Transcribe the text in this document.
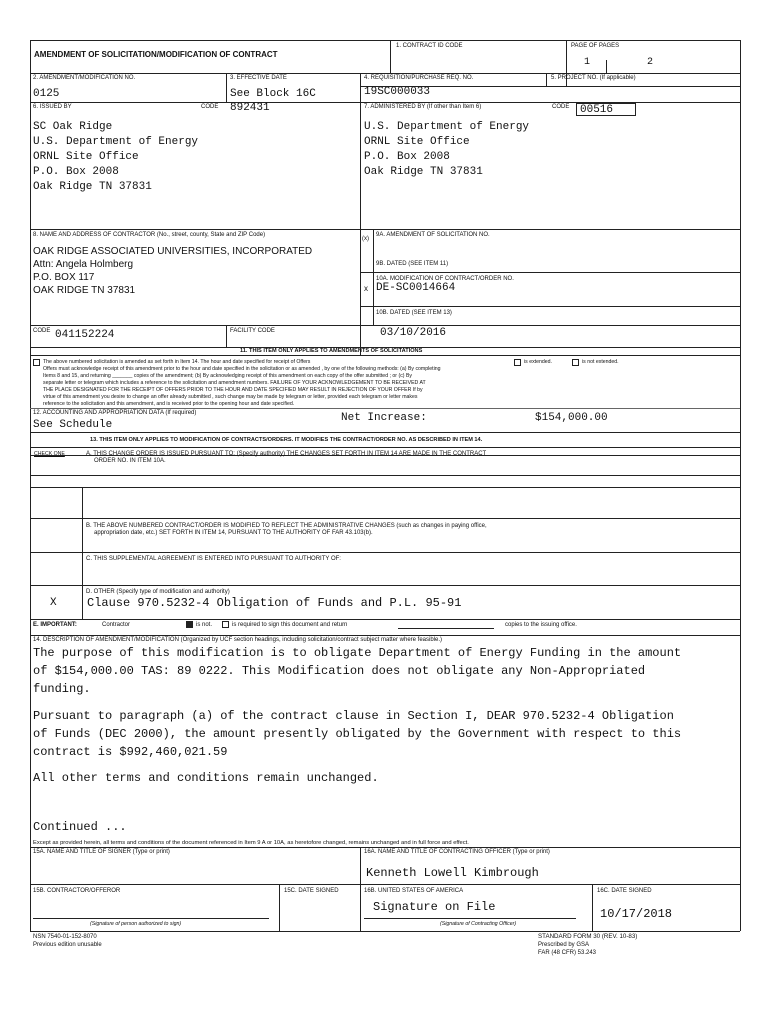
AMENDMENT OF SOLICITATION/MODIFICATION OF CONTRACT
1. CONTRACT ID CODE	PAGE OF PAGES
1	2
2. AMENDMENT/MODIFICATION NO.
0125
3. EFFECTIVE DATE
See Block 16C
4. REQUISITION/PURCHASE REQ. NO.
19SC000033
5. PROJECT NO. (If applicable)
6. ISSUED BY	CODE 892431
SC Oak Ridge
U.S. Department of Energy
ORNL Site Office
P.O. Box 2008
Oak Ridge TN 37831
7. ADMINISTERED BY (If other than Item 6)	CODE 00516
U.S. Department of Energy
ORNL Site Office
P.O. Box 2008
Oak Ridge TN 37831
8. NAME AND ADDRESS OF CONTRACTOR (No., street, county, State and ZIP Code)
OAK RIDGE ASSOCIATED UNIVERSITIES, INCORPORATED
Attn: Angela Holmberg
P.O. BOX 117
OAK RIDGE TN 37831
(x)
9A. AMENDMENT OF SOLICITATION NO.
9B. DATED (SEE ITEM 11)
x
10A. MODIFICATION OF CONTRACT/ORDER NO.
DE-SC0014664
10B. DATED (SEE ITEM 13)
03/10/2016
CODE 041152224	FACILITY CODE
11. THIS ITEM ONLY APPLIES TO AMENDMENTS OF SOLICITATIONS
The above numbered solicitation is amended as set forth in Item 14. The hour and date specified for receipt of Offers	is extended.	is not extended.
Offers must acknowledge receipt of this amendment prior to the hour and date specified in the solicitation or as amended , by one of the following methods: (a) By completing
Items 8 and 15, and returning _______ copies of the amendment; (b) By acknowledging receipt of this amendment on each copy of the offer submitted ; or (c) By
separate letter or telegram which includes a reference to the solicitation and amendment numbers. FAILURE OF YOUR ACKNOWLEDGEMENT TO BE RECEIVED AT
THE PLACE DESIGNATED FOR THE RECEIPT OF OFFERS PRIOR TO THE HOUR AND DATE SPECIFIED MAY RESULT IN REJECTION OF YOUR OFFER If by
virtue of this amendment you desire to change an offer already submitted , such change may be made by telegram or letter, provided each telegram or letter makes
reference to the solicitation and this amendment, and is received prior to the opening hour and date specified.
12. ACCOUNTING AND APPROPRIATION DATA (If required)
See Schedule
Net Increase:	$154,000.00
13. THIS ITEM ONLY APPLIES TO MODIFICATION OF CONTRACTS/ORDERS. IT MODIFIES THE CONTRACT/ORDER NO. AS DESCRIBED IN ITEM 14.
CHECK ONE	A. THIS CHANGE ORDER IS ISSUED PURSUANT TO: (Specify authority) THE CHANGES SET FORTH IN ITEM 14 ARE MADE IN THE CONTRACT
ORDER NO. IN ITEM 10A.
B. THE ABOVE NUMBERED CONTRACT/ORDER IS MODIFIED TO REFLECT THE ADMINISTRATIVE CHANGES (such as changes in paying office,
appropriation date, etc.) SET FORTH IN ITEM 14, PURSUANT TO THE AUTHORITY OF FAR 43.103(b).
C. THIS SUPPLEMENTAL AGREEMENT IS ENTERED INTO PURSUANT TO AUTHORITY OF:
D. OTHER (Specify type of modification and authority)
X	Clause 970.5232-4 Obligation of Funds and P.L. 95-91
E. IMPORTANT:	Contractor	is not.	is required to sign this document and return	copies to the issuing office.
14. DESCRIPTION OF AMENDMENT/MODIFICATION (Organized by UCF section headings, including solicitation/contract subject matter where feasible.)
The purpose of this modification is to obligate Department of Energy Funding in the amount
of $154,000.00 TAS: 89 0222. This Modification does not obligate any Non-Appropriated
funding.
Pursuant to paragraph (a) of the contract clause in Section I, DEAR 970.5232-4 Obligation
of Funds (DEC 2000), the amount presently obligated by the Government with respect to this
contract is $992,460,021.59
All other terms and conditions remain unchanged.
Continued ...
Except as provided herein, all terms and conditions of the document referenced in Item 9 A or 10A, as heretofore changed, remains unchanged and in full force and effect.
15A. NAME AND TITLE OF SIGNER (Type or print)	16A. NAME AND TITLE OF CONTRACTING OFFICER (Type or print)
Kenneth Lowell Kimbrough
15B. CONTRACTOR/OFFEROR	15C. DATE SIGNED	16B. UNITED STATES OF AMERICA
Signature on File
16C. DATE SIGNED
10/17/2018
(Signature of person authorized to sign)	(Signature of Contracting Officer)
NSN 7540-01-152-8070
Previous edition unusable
STANDARD FORM 30 (REV. 10-83)
Prescribed by GSA
FAR (48 CFR) 53.243
